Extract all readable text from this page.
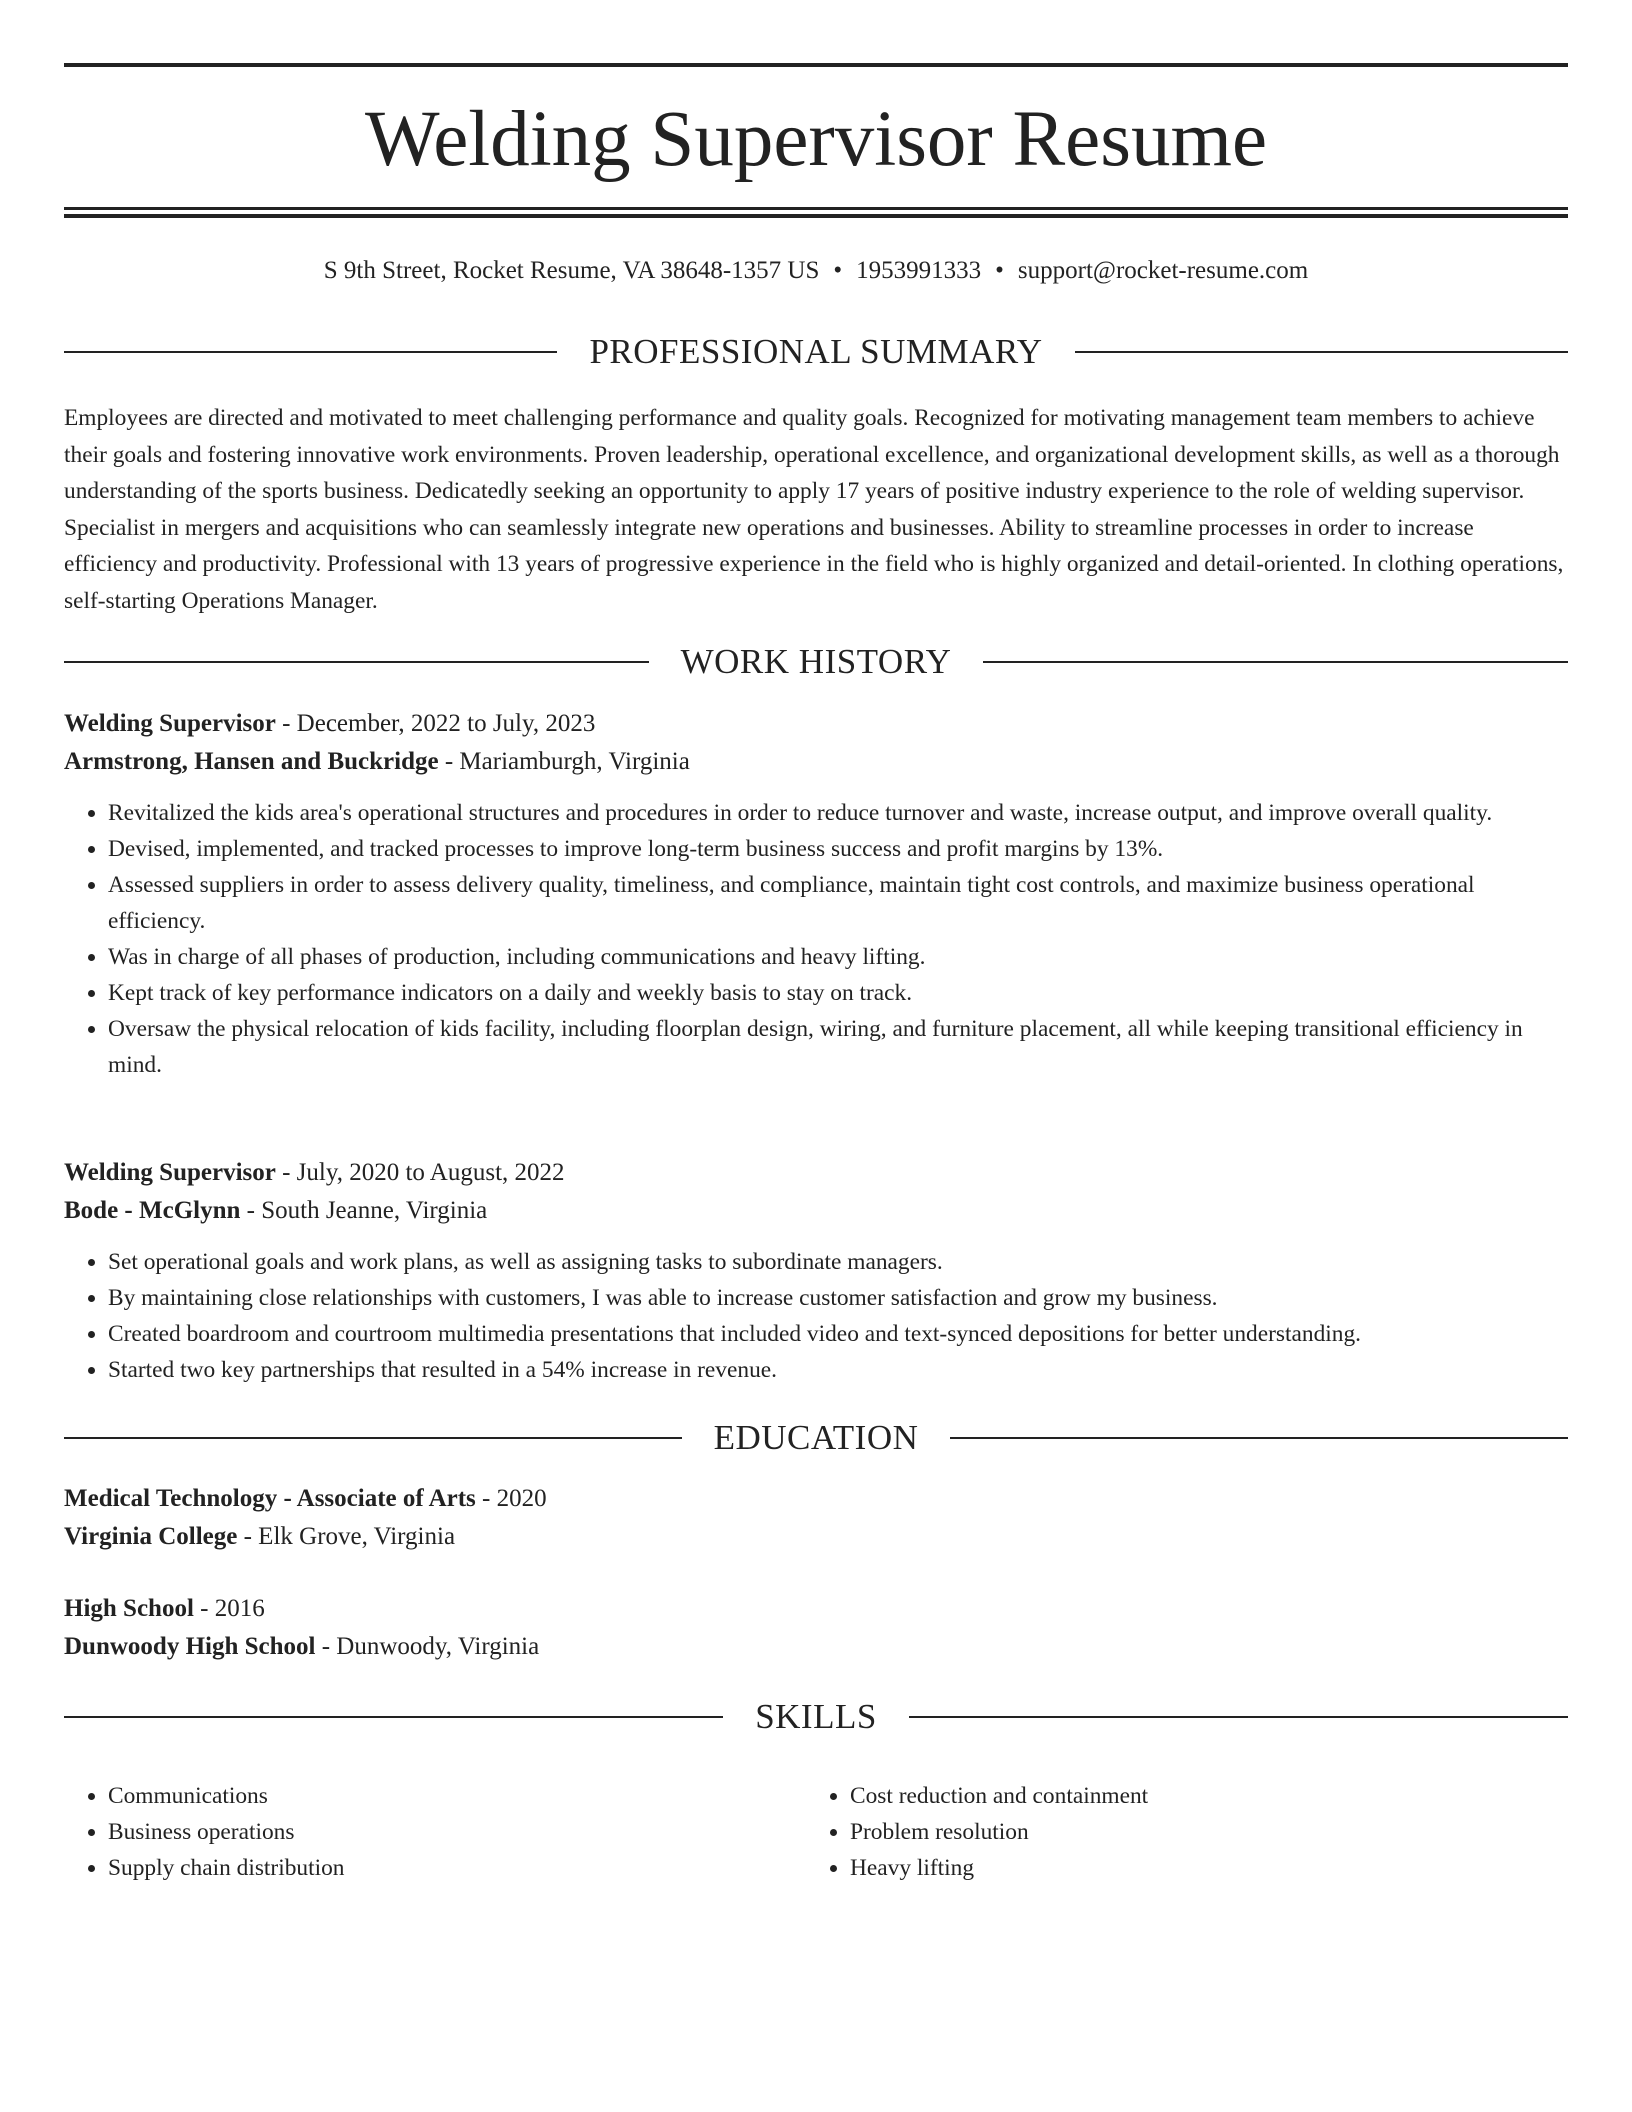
Welding Supervisor Resume
S 9th Street, Rocket Resume, VA 38648-1357 US • 1953991333 • support@rocket-resume.com
PROFESSIONAL SUMMARY

Employees are directed and motivated to meet challenging performance and quality goals. Recognized for motivating management team members to achieve their goals and fostering innovative work environments. Proven leadership, operational excellence, and organizational development skills, as well as a thorough understanding of the sports business. Dedicatedly seeking an opportunity to apply 17 years of positive industry experience to the role of welding supervisor. Specialist in mergers and acquisitions who can seamlessly integrate new operations and businesses. Ability to streamline processes in order to increase efficiency and productivity. Professional with 13 years of progressive experience in the field who is highly organized and detail-oriented. In clothing operations, self-starting Operations Manager.

WORK HISTORY
Welding Supervisor - December, 2022 to July, 2023
Armstrong, Hansen and Buckridge - Mariamburgh, Virginia
• Revitalized the kids area's operational structures and procedures in order to reduce turnover and waste, increase output, and improve overall quality.
• Devised, implemented, and tracked processes to improve long-term business success and profit margins by 13%.
• Assessed suppliers in order to assess delivery quality, timeliness, and compliance, maintain tight cost controls, and maximize business operational efficiency.
• Was in charge of all phases of production, including communications and heavy lifting.
• Kept track of key performance indicators on a daily and weekly basis to stay on track.
• Oversaw the physical relocation of kids facility, including floorplan design, wiring, and furniture placement, all while keeping transitional efficiency in mind.
Welding Supervisor - July, 2020 to August, 2022
Bode - McGlynn - South Jeanne, Virginia
• Set operational goals and work plans, as well as assigning tasks to subordinate managers.
• By maintaining close relationships with customers, I was able to increase customer satisfaction and grow my business.
• Created boardroom and courtroom multimedia presentations that included video and text-synced depositions for better understanding.
• Started two key partnerships that resulted in a 54% increase in revenue.
EDUCATION
Medical Technology - Associate of Arts - 2020
Virginia College - Elk Grove, Virginia
High School - 2016
Dunwoody High School - Dunwoody, Virginia
SKILLS
• Communications
• Business operations
• Supply chain distribution
• Cost reduction and containment
• Problem resolution
• Heavy lifting
